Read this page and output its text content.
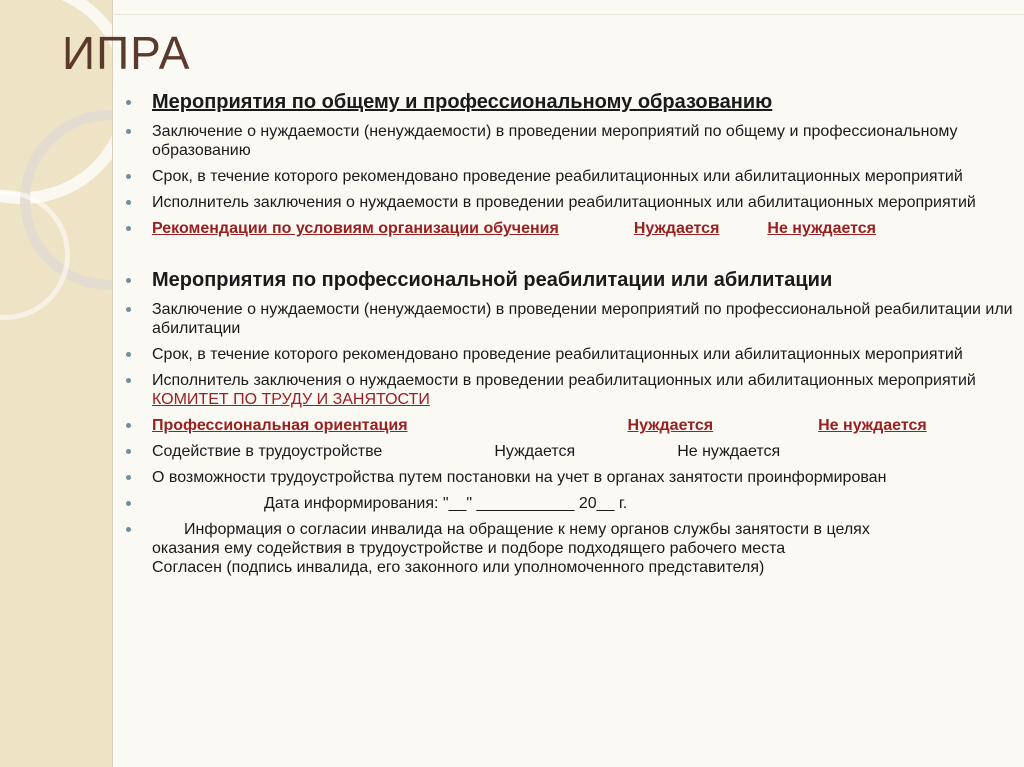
ИПРА
Мероприятия по общему и профессиональному образованию
Заключение о нуждаемости (ненуждаемости) в проведении мероприятий по общему и профессиональному образованию
Срок, в течение которого рекомендовано проведение реабилитационных или абилитационных мероприятий
Исполнитель заключения о нуждаемости в проведении реабилитационных или абилитационных мероприятий
Рекомендации по условиям организации обучения	Нуждается	Не нуждается
Мероприятия по профессиональной реабилитации или абилитации
Заключение о нуждаемости (ненуждаемости) в проведении мероприятий по профессиональной реабилитации или абилитации
Срок, в течение которого рекомендовано проведение реабилитационных или абилитационных мероприятий
Исполнитель заключения о нуждаемости в проведении реабилитационных или абилитационных мероприятийКОМИТЕТ ПО ТРУДУ И ЗАНЯТОСТИ
Профессиональная ориентация	Нуждается	Не нуждается
Содействие в трудоустройстве	Нуждается	Не нуждается
О возможности трудоустройства путем постановки на учет в органах занятости проинформирован
Дата информирования: "__" ___________ 20__ г.
Информация о согласии инвалида на обращение к нему органов службы занятости в целях
оказания ему содействия в трудоустройстве и подборе подходящего рабочего места
Согласен (подпись инвалида, его законного или уполномоченного представителя)
